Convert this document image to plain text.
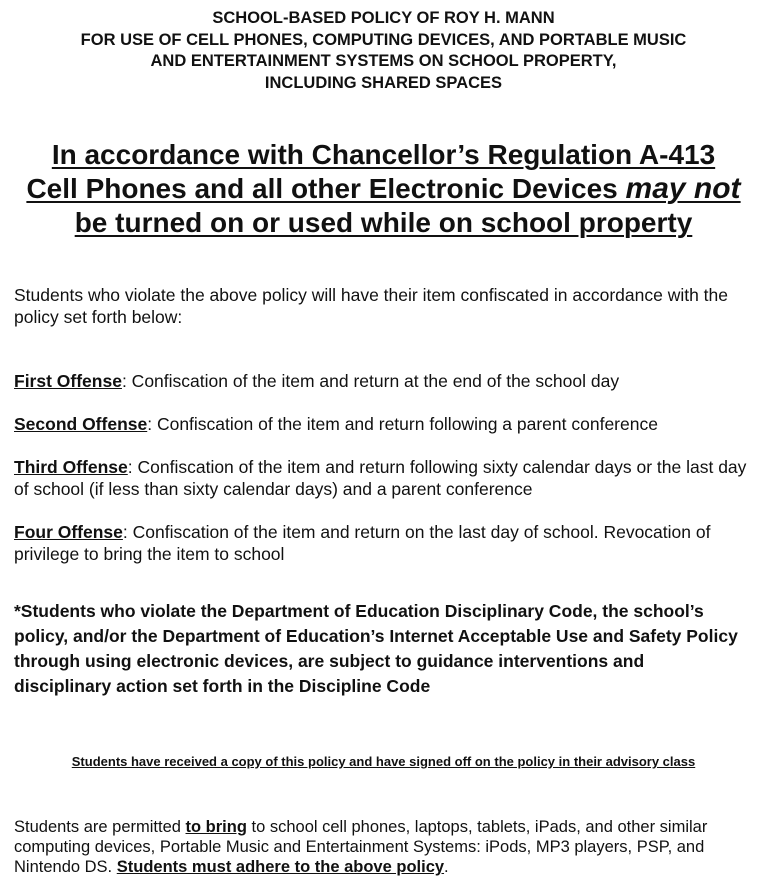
SCHOOL-BASED POLICY OF ROY H. MANN
FOR USE OF CELL PHONES, COMPUTING DEVICES, AND PORTABLE MUSIC
AND ENTERTAINMENT SYSTEMS ON SCHOOL PROPERTY,
INCLUDING SHARED SPACES
In accordance with Chancellor’s Regulation A-413
Cell Phones and all other Electronic Devices may not
be turned on or used while on school property
Students who violate the above policy will have their item confiscated in accordance with the policy set forth below:
First Offense: Confiscation of the item and return at the end of the school day
Second Offense: Confiscation of the item and return following a parent conference
Third Offense: Confiscation of the item and return following sixty calendar days or the last day of school (if less than sixty calendar days) and a parent conference
Four Offense: Confiscation of the item and return on the last day of school. Revocation of privilege to bring the item to school
*Students who violate the Department of Education Disciplinary Code, the school’s policy, and/or the Department of Education’s Internet Acceptable Use and Safety Policy through using electronic devices, are subject to guidance interventions and disciplinary action set forth in the Discipline Code
Students have received a copy of this policy and have signed off on the policy in their advisory class
Students are permitted to bring to school cell phones, laptops, tablets, iPads, and other similar computing devices, Portable Music and Entertainment Systems: iPods, MP3 players, PSP, and Nintendo DS. Students must adhere to the above policy.
